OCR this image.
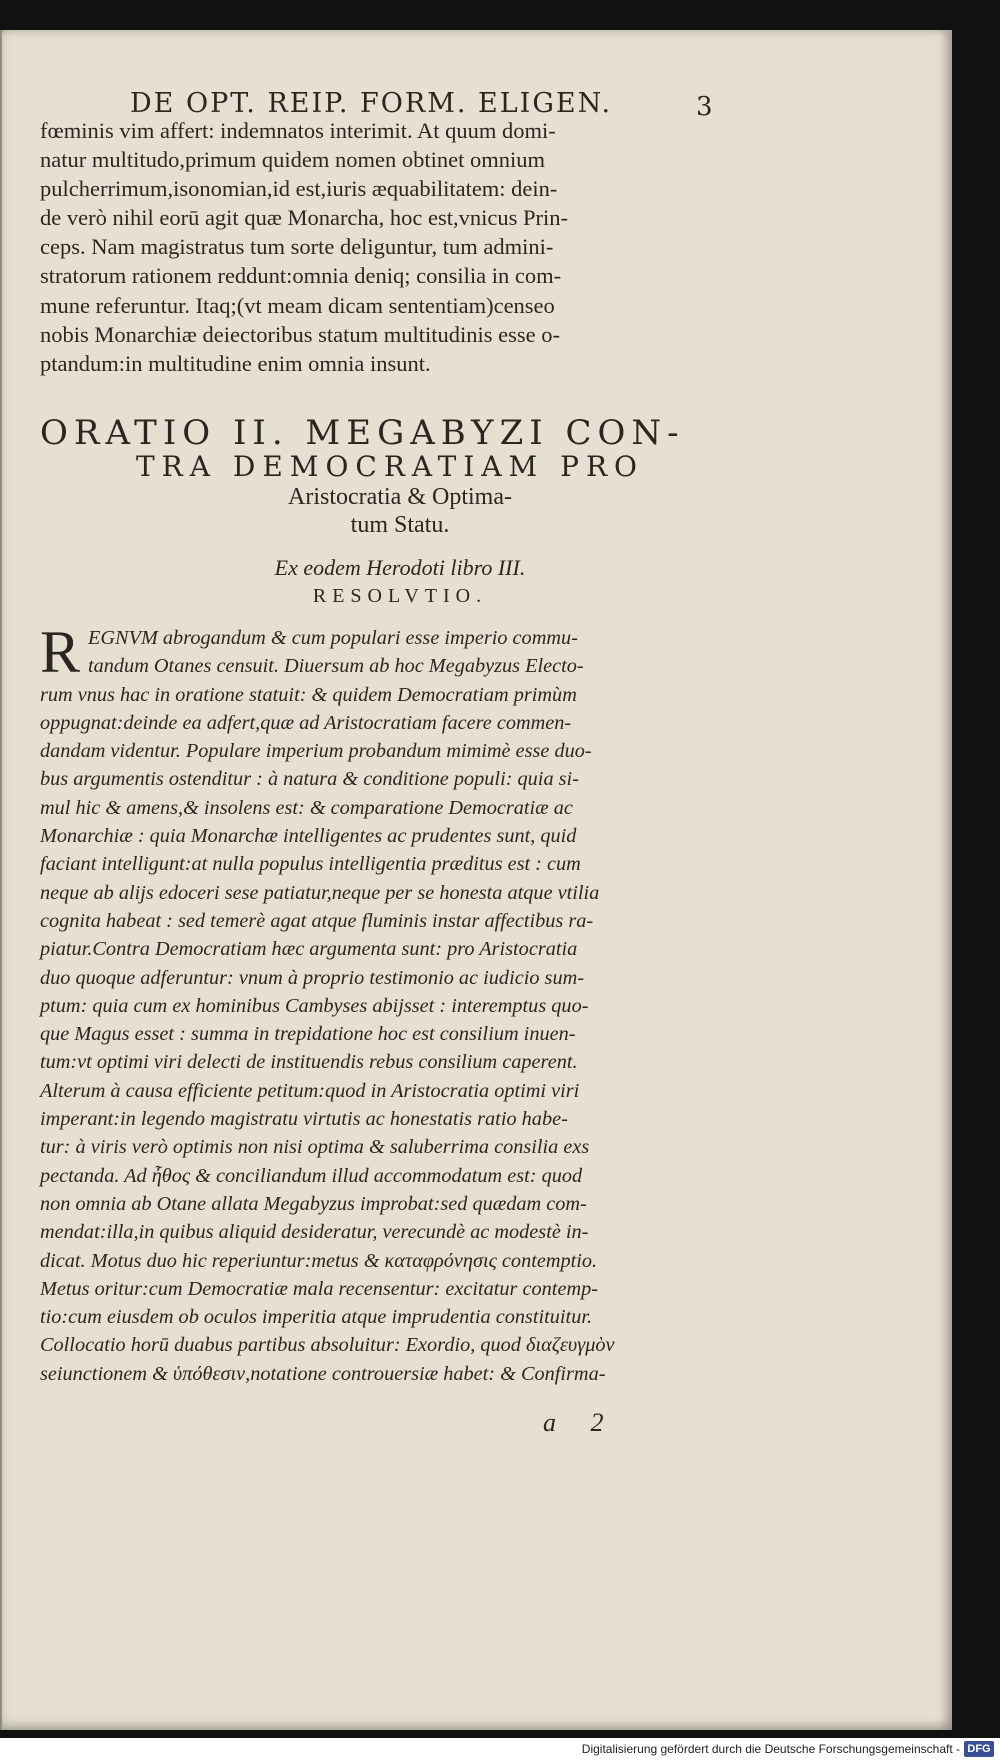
DE OPT. REIP. FORM. ELIGEN.	3

fœminis vim affert: indemnatos interimit. At quum domi-

natur multitudo,primum quidem nomen obtinet omnium

pulcherrimum,isonomian,id est,iuris æquabilitatem: dein-

de verò nihil eorū agit quæ Monarcha, hoc est,vnicus Prin-

ceps. Nam magistratus tum sorte deliguntur, tum admini-

stratorum rationem reddunt:omnia deniq; consilia in com-

mune referuntur. Itaq;(vt meam dicam sententiam)censeo

nobis Monarchiæ deiectoribus statum multitudinis esse o-

ptandum:in multitudine enim omnia insunt.

ORATIO II. MEGABYZI CON-
TRA DEMOCRATIAM PRO
Aristocratia & Optima-
tum Statu.
Ex eodem Herodoti libro III.
RESOLVTIO.
R EGNVM abrogandum & cum populari esse imperio commu-

tandum Otanes censuit. Diuersum ab hoc Megabyzus Electo-

rum vnus hac in oratione statuit: & quidem Democratiam primùm

oppugnat:deinde ea adfert,quæ ad Aristocratiam facere commen-

dandam videntur. Populare imperium probandum mimimè esse duo-

bus argumentis ostenditur : à natura & conditione populi: quia si-

mul hic & amens,& insolens est: & comparatione Democratiæ ac

Monarchiæ : quia Monarchæ intelligentes ac prudentes sunt, quid

faciant intelligunt:at nulla populus intelligentia præditus est : cum

neque ab alijs edoceri sese patiatur,neque per se honesta atque vtilia

cognita habeat : sed temerè agat atque fluminis instar affectibus ra-

piatur.Contra Democratiam hæc argumenta sunt: pro Aristocratia

duo quoque adferuntur: vnum à proprio testimonio ac iudicio sum-

ptum: quia cum ex hominibus Cambyses abijsset : interemptus quo-

que Magus esset : summa in trepidatione hoc est consilium inuen-

tum:vt optimi viri delecti de instituendis rebus consilium caperent.

Alterum à causa efficiente petitum:quod in Aristocratia optimi viri

imperant:in legendo magistratu virtutis ac honestatis ratio habe-

tur: à viris verò optimis non nisi optima & saluberrima consilia exs

pectanda. Ad ἦθος & conciliandum illud accommodatum est: quod

non omnia ab Otane allata Megabyzus improbat:sed quædam com-

mendat:illa,in quibus aliquid desideratur, verecundè ac modestè in-

dicat. Motus duo hic reperiuntur:metus & καταφρόνησις contemptio.

Metus oritur:cum Democratiæ mala recensentur: excitatur contemp-

tio:cum eiusdem ob oculos imperitia atque imprudentia constituitur.

Collocatio horū duabus partibus absoluitur: Exordio, quod διαζευγμὸν

seiunctionem & ὑπόθεσιν,notatione controuersiæ habet: & Confirma-

a 2
Digitalisierung gefördert durch die Deutsche Forschungsgemeinschaft - DFG
